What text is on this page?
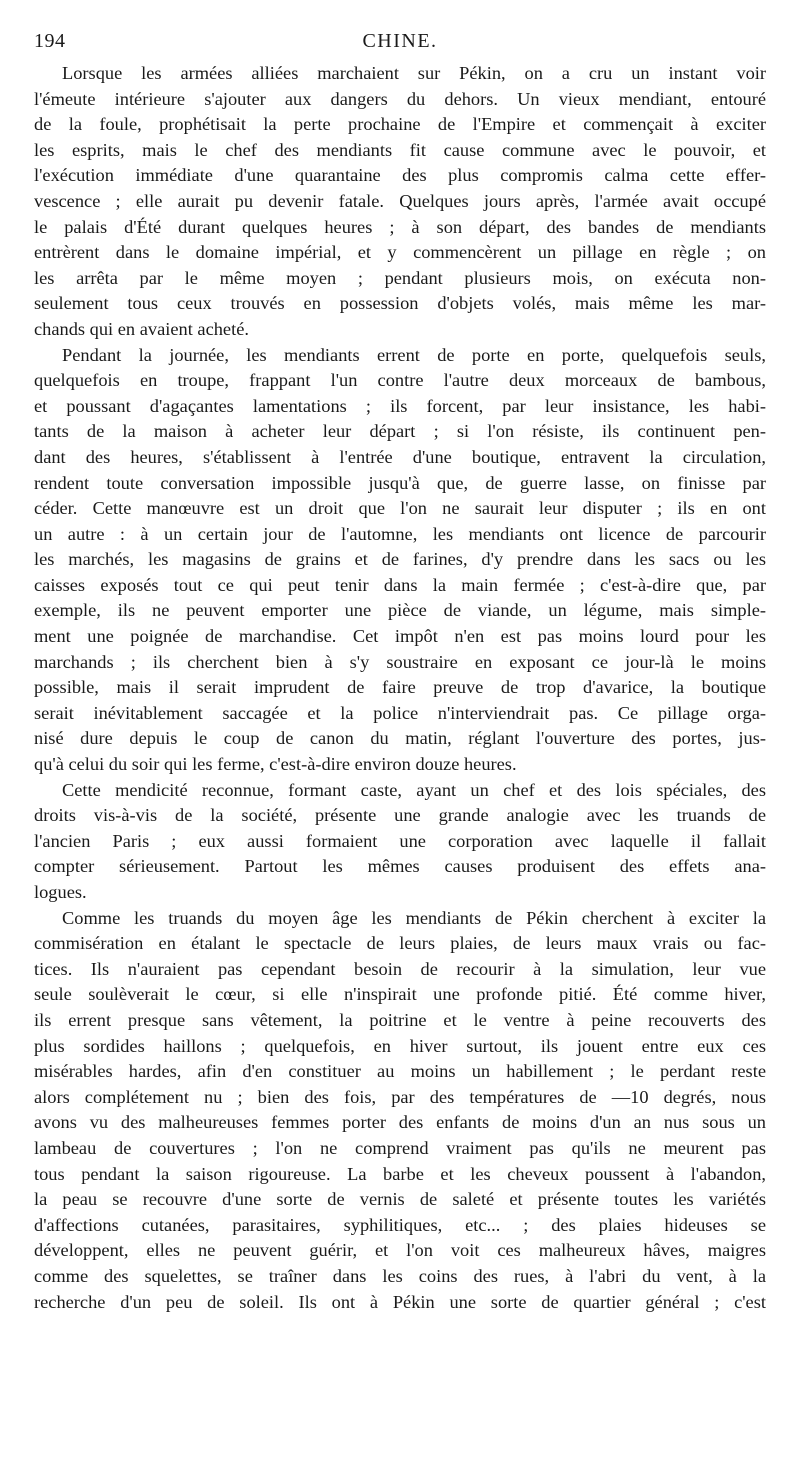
194	CHINE.
Lorsque les armées alliées marchaient sur Pékin, on a cru un instant voir
l'émeute intérieure s'ajouter aux dangers du dehors. Un vieux mendiant, entouré
de la foule, prophétisait la perte prochaine de l'Empire et commençait à exciter
les esprits, mais le chef des mendiants fit cause commune avec le pouvoir, et
l'exécution immédiate d'une quarantaine des plus compromis calma cette effer-
vescence ; elle aurait pu devenir fatale. Quelques jours après, l'armée avait occupé
le palais d'Été durant quelques heures ; à son départ, des bandes de mendiants
entrèrent dans le domaine impérial, et y commencèrent un pillage en règle ; on
les arrêta par le même moyen ; pendant plusieurs mois, on exécuta non-
seulement tous ceux trouvés en possession d'objets volés, mais même les mar-
chands qui en avaient acheté.
Pendant la journée, les mendiants errent de porte en porte, quelquefois seuls,
quelquefois en troupe, frappant l'un contre l'autre deux morceaux de bambous,
et poussant d'agaçantes lamentations ; ils forcent, par leur insistance, les habi-
tants de la maison à acheter leur départ ; si l'on résiste, ils continuent pen-
dant des heures, s'établissent à l'entrée d'une boutique, entravent la circulation,
rendent toute conversation impossible jusqu'à que, de guerre lasse, on finisse par
céder. Cette manœuvre est un droit que l'on ne saurait leur disputer ; ils en ont
un autre : à un certain jour de l'automne, les mendiants ont licence de parcourir
les marchés, les magasins de grains et de farines, d'y prendre dans les sacs ou les
caisses exposés tout ce qui peut tenir dans la main fermée ; c'est-à-dire que, par
exemple, ils ne peuvent emporter une pièce de viande, un légume, mais simple-
ment une poignée de marchandise. Cet impôt n'en est pas moins lourd pour les
marchands ; ils cherchent bien à s'y soustraire en exposant ce jour-là le moins
possible, mais il serait imprudent de faire preuve de trop d'avarice, la boutique
serait inévitablement saccagée et la police n'interviendrait pas. Ce pillage orga-
nisé dure depuis le coup de canon du matin, réglant l'ouverture des portes, jus-
qu'à celui du soir qui les ferme, c'est-à-dire environ douze heures.
Cette mendicité reconnue, formant caste, ayant un chef et des lois spéciales, des
droits vis-à-vis de la société, présente une grande analogie avec les truands de
l'ancien Paris ; eux aussi formaient une corporation avec laquelle il fallait
compter sérieusement. Partout les mêmes causes produisent des effets ana-
logues.
Comme les truands du moyen âge les mendiants de Pékin cherchent à exciter la
commisération en étalant le spectacle de leurs plaies, de leurs maux vrais ou fac-
tices. Ils n'auraient pas cependant besoin de recourir à la simulation, leur vue
seule soulèverait le cœur, si elle n'inspirait une profonde pitié. Été comme hiver,
ils errent presque sans vêtement, la poitrine et le ventre à peine recouverts des
plus sordides haillons ; quelquefois, en hiver surtout, ils jouent entre eux ces
misérables hardes, afin d'en constituer au moins un habillement ; le perdant reste
alors complétement nu ; bien des fois, par des températures de —10 degrés, nous
avons vu des malheureuses femmes porter des enfants de moins d'un an nus sous un
lambeau de couvertures ; l'on ne comprend vraiment pas qu'ils ne meurent pas
tous pendant la saison rigoureuse. La barbe et les cheveux poussent à l'abandon,
la peau se recouvre d'une sorte de vernis de saleté et présente toutes les variétés
d'affections cutanées, parasitaires, syphilitiques, etc... ; des plaies hideuses se
développent, elles ne peuvent guérir, et l'on voit ces malheureux hâves, maigres
comme des squelettes, se traîner dans les coins des rues, à l'abri du vent, à la
recherche d'un peu de soleil. Ils ont à Pékin une sorte de quartier général ; c'est
